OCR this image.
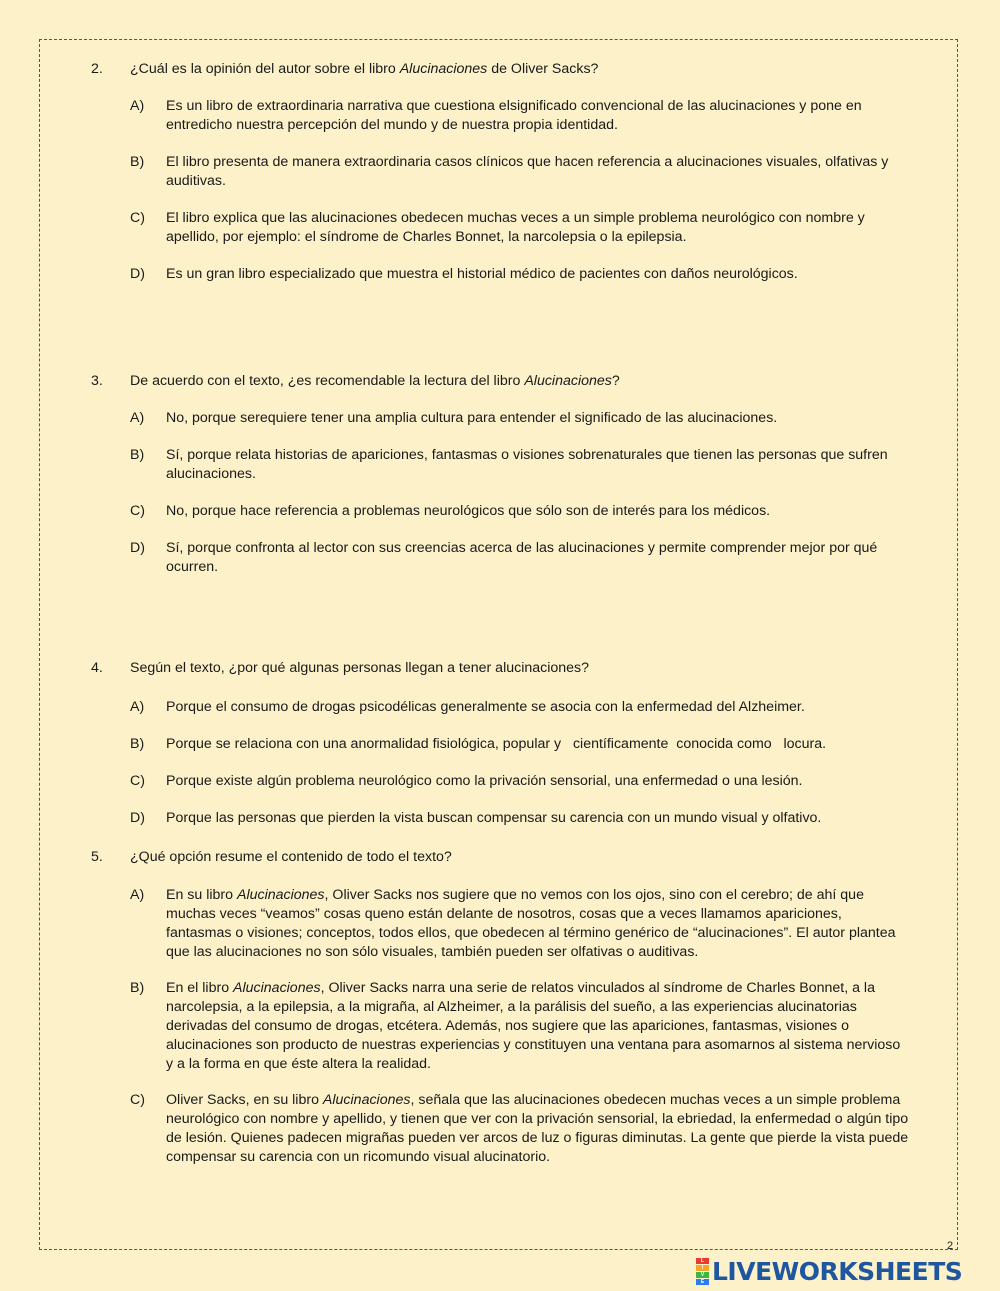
2.	¿Cuál es la opinión del autor sobre el libro Alucinaciones de Oliver Sacks?
A)	Es un libro de extraordinaria narrativa que cuestiona elsignificado convencional de las alucinaciones y pone en entredicho nuestra percepción del mundo y de nuestra propia identidad.
B)	El libro presenta de manera extraordinaria casos clínicos que hacen referencia a alucinaciones visuales, olfativas y auditivas.
C)	El libro explica que las alucinaciones obedecen muchas veces a un simple problema neurológico con nombre y apellido, por ejemplo: el síndrome de Charles Bonnet, la narcolepsia o la epilepsia.
D)	Es un gran libro especializado que muestra el historial médico de pacientes con daños neurológicos.
3.	De acuerdo con el texto, ¿es recomendable la lectura del libro Alucinaciones?
A)	No, porque serequiere tener una amplia cultura para entender el significado de las alucinaciones.
B)	Sí, porque relata historias de apariciones, fantasmas o visiones sobrenaturales que tienen las personas que sufren alucinaciones.
C)	No, porque hace referencia a problemas neurológicos que sólo son de interés para los médicos.
D)	Sí, porque confronta al lector con sus creencias acerca de las alucinaciones y permite comprender mejor por qué ocurren.
4.	Según el texto, ¿por qué algunas personas llegan a tener alucinaciones?
A)	Porque el consumo de drogas psicodélicas generalmente se asocia con la enfermedad del Alzheimer.
B)	Porque se relaciona con una anormalidad fisiológica, popular y   científicamente  conocida como   locura.
C)	Porque existe algún problema neurológico como la privación sensorial, una enfermedad o una lesión.
D)	Porque las personas que pierden la vista buscan compensar su carencia con un mundo visual y olfativo.
5.	¿Qué opción resume el contenido de todo el texto?
A)	En su libro Alucinaciones, Oliver Sacks nos sugiere que no vemos con los ojos, sino con el cerebro; de ahí que muchas veces “veamos” cosas queno están delante de nosotros, cosas que a veces llamamos apariciones, fantasmas o visiones; conceptos, todos ellos, que obedecen al término genérico de “alucinaciones”. El autor plantea que las alucinaciones no son sólo visuales, también pueden ser olfativas o auditivas.
B)	En el libro Alucinaciones, Oliver Sacks narra una serie de relatos vinculados al síndrome de Charles Bonnet, a la narcolepsia, a la epilepsia, a la migraña, al Alzheimer, a la parálisis del sueño, a las experiencias alucinatorias derivadas del consumo de drogas, etcétera. Además, nos sugiere que las apariciones, fantasmas, visiones o alucinaciones son producto de nuestras experiencias y constituyen una ventana para asomarnos al sistema nervioso y a la forma en que éste altera la realidad.
C)	Oliver Sacks, en su libro Alucinaciones, señala que las alucinaciones obedecen muchas veces a un simple problema neurológico con nombre y apellido, y tienen que ver con la privación sensorial, la ebriedad, la enfermedad o algún tipo de lesión. Quienes padecen migrañas pueden ver arcos de luz o figuras diminutas. La gente que pierde la vista puede compensar su carencia con un ricomundo visual alucinatorio.
2
L
I
V
E LIVEWORKSHEETS
